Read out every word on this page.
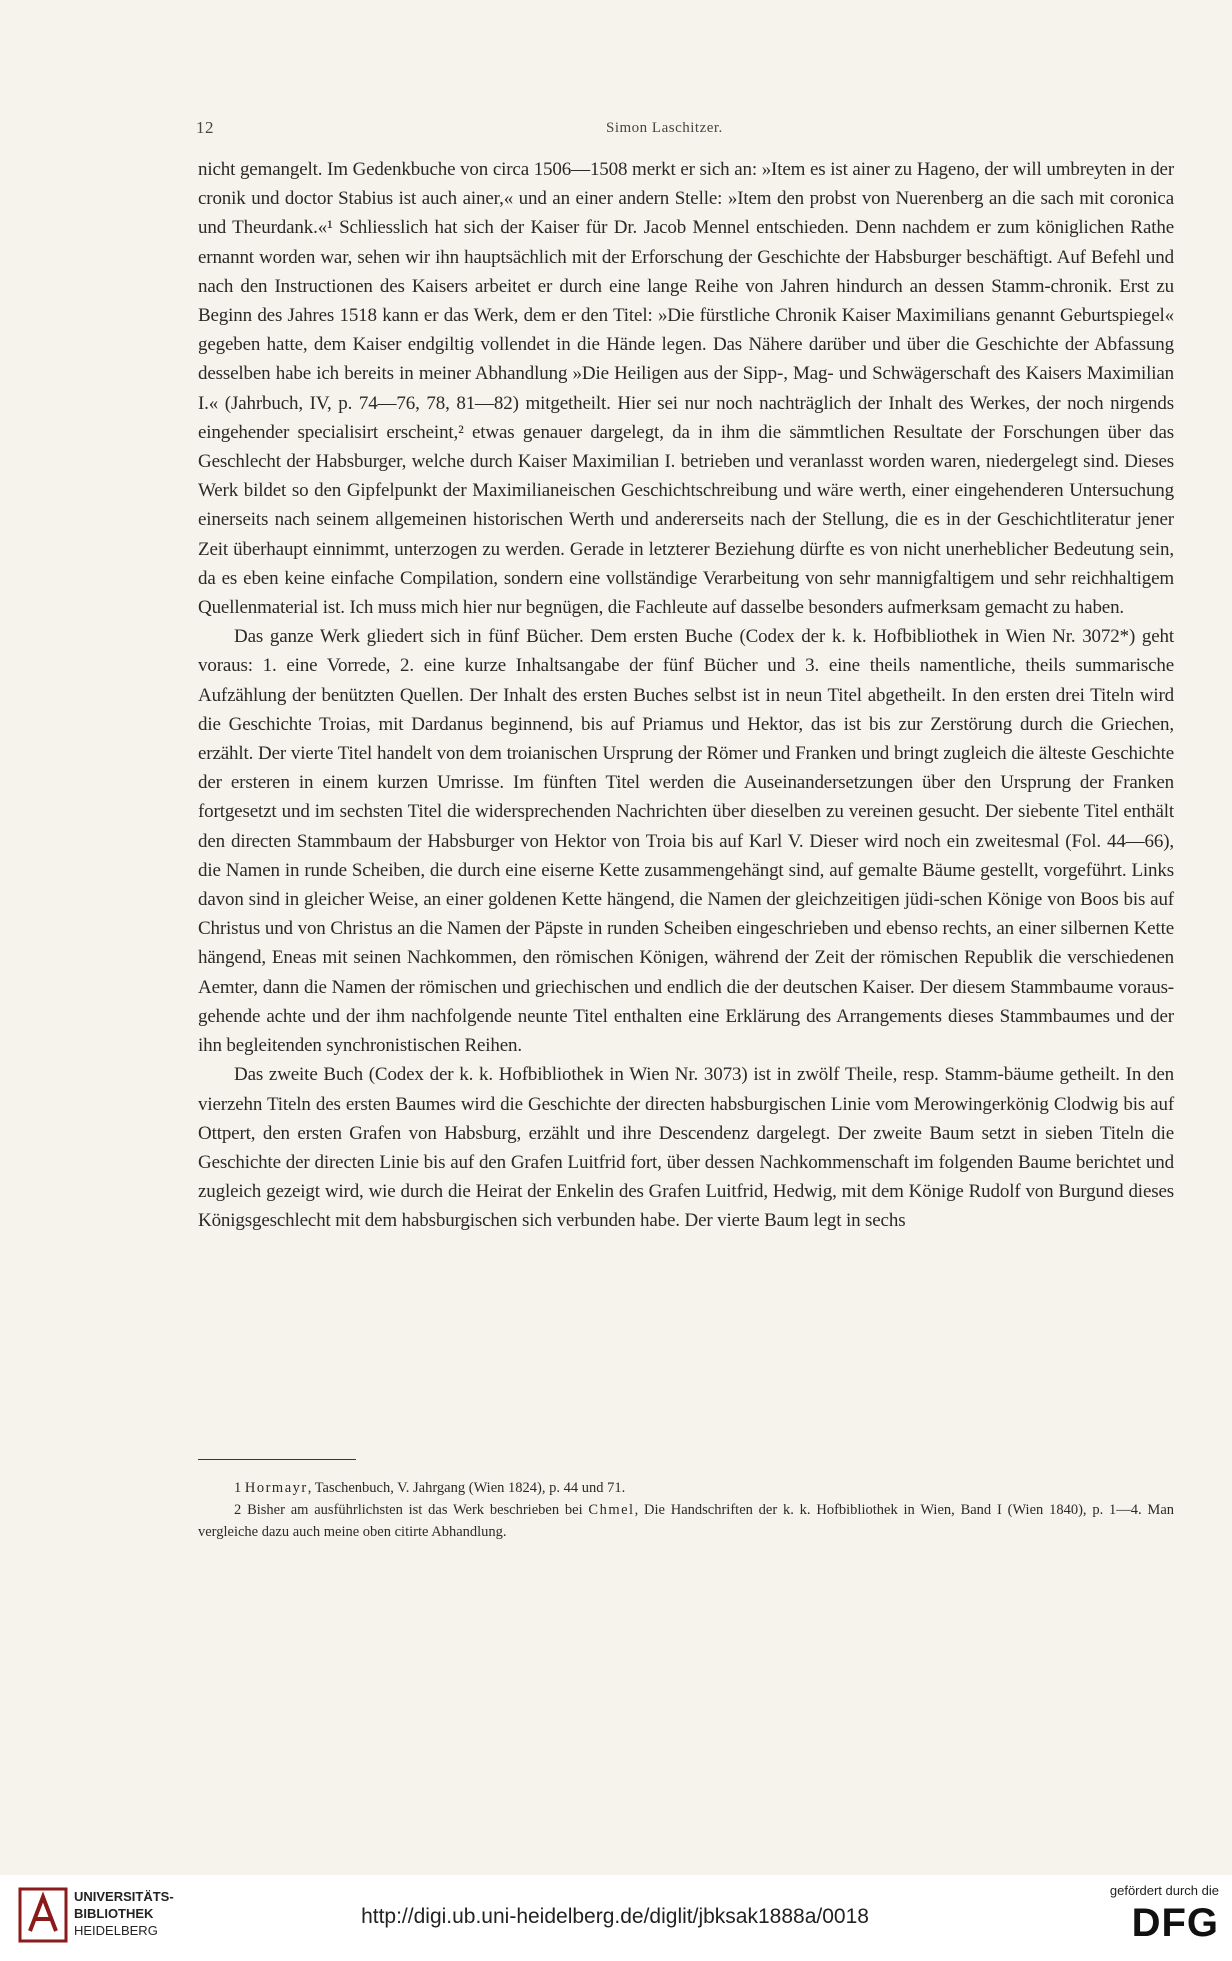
12	Simon Laschitzer.

nicht gemangelt. Im Gedenkbuche von circa 1506—1508 merkt er sich an: »Item es ist ainer zu Hageno, der will umbreyten in der cronik und doctor Stabius ist auch ainer,« und an einer andern Stelle: »Item den probst von Nuerenberg an die sach mit coronica und Theurdank.«¹ Schliesslich hat sich der Kaiser für Dr. Jacob Mennel entschieden. Denn nachdem er zum königlichen Rathe ernannt worden war, sehen wir ihn hauptsächlich mit der Erforschung der Geschichte der Habsburger beschäftigt. Auf Befehl und nach den Instructionen des Kaisers arbeitet er durch eine lange Reihe von Jahren hindurch an dessen Stamm-chronik. Erst zu Beginn des Jahres 1518 kann er das Werk, dem er den Titel: »Die fürstliche Chronik Kaiser Maximilians genannt Geburtspiegel« gegeben hatte, dem Kaiser endgiltig vollendet in die Hände legen. Das Nähere darüber und über die Geschichte der Abfassung desselben habe ich bereits in meiner Abhandlung »Die Heiligen aus der Sipp-, Mag- und Schwägerschaft des Kaisers Maximilian I.« (Jahrbuch, IV, p. 74—76, 78, 81—82) mitgetheilt. Hier sei nur noch nachträglich der Inhalt des Werkes, der noch nirgends eingehender specialisirt erscheint,² etwas genauer dargelegt, da in ihm die sämmtlichen Resultate der Forschungen über das Geschlecht der Habsburger, welche durch Kaiser Maximilian I. betrieben und veranlasst worden waren, niedergelegt sind. Dieses Werk bildet so den Gipfelpunkt der Maximilianeischen Geschichtschreibung und wäre werth, einer eingehenderen Untersuchung einerseits nach seinem allgemeinen historischen Werth und andererseits nach der Stellung, die es in der Geschichtliteratur jener Zeit überhaupt einnimmt, unterzogen zu werden. Gerade in letzterer Beziehung dürfte es von nicht unerheblicher Bedeutung sein, da es eben keine einfache Compilation, sondern eine vollständige Verarbeitung von sehr mannigfaltigem und sehr reichhaltigem Quellenmaterial ist. Ich muss mich hier nur begnügen, die Fachleute auf dasselbe besonders aufmerksam gemacht zu haben.

Das ganze Werk gliedert sich in fünf Bücher. Dem ersten Buche (Codex der k. k. Hofbibliothek in Wien Nr. 3072*) geht voraus: 1. eine Vorrede, 2. eine kurze Inhaltsangabe der fünf Bücher und 3. eine theils namentliche, theils summarische Aufzählung der benützten Quellen. Der Inhalt des ersten Buches selbst ist in neun Titel abgetheilt. In den ersten drei Titeln wird die Geschichte Troias, mit Dardanus beginnend, bis auf Priamus und Hektor, das ist bis zur Zerstörung durch die Griechen, erzählt. Der vierte Titel handelt von dem troianischen Ursprung der Römer und Franken und bringt zugleich die älteste Geschichte der ersteren in einem kurzen Umrisse. Im fünften Titel werden die Auseinandersetzungen über den Ursprung der Franken fortgesetzt und im sechsten Titel die widersprechenden Nachrichten über dieselben zu vereinen gesucht. Der siebente Titel enthält den directen Stammbaum der Habsburger von Hektor von Troia bis auf Karl V. Dieser wird noch ein zweitesmal (Fol. 44—66), die Namen in runde Scheiben, die durch eine eiserne Kette zusammengehängt sind, auf gemalte Bäume gestellt, vorgeführt. Links davon sind in gleicher Weise, an einer goldenen Kette hängend, die Namen der gleichzeitigen jüdi-schen Könige von Boos bis auf Christus und von Christus an die Namen der Päpste in runden Scheiben eingeschrieben und ebenso rechts, an einer silbernen Kette hängend, Eneas mit seinen Nachkommen, den römischen Königen, während der Zeit der römischen Republik die verschiedenen Aemter, dann die Namen der römischen und griechischen und endlich die der deutschen Kaiser. Der diesem Stammbaume voraus-gehende achte und der ihm nachfolgende neunte Titel enthalten eine Erklärung des Arrangements dieses Stammbaumes und der ihn begleitenden synchronistischen Reihen.

Das zweite Buch (Codex der k. k. Hofbibliothek in Wien Nr. 3073) ist in zwölf Theile, resp. Stamm-bäume getheilt. In den vierzehn Titeln des ersten Baumes wird die Geschichte der directen habsburgischen Linie vom Merowingerkönig Clodwig bis auf Ottpert, den ersten Grafen von Habsburg, erzählt und ihre Descendenz dargelegt. Der zweite Baum setzt in sieben Titeln die Geschichte der directen Linie bis auf den Grafen Luitfrid fort, über dessen Nachkommenschaft im folgenden Baume berichtet und zugleich gezeigt wird, wie durch die Heirat der Enkelin des Grafen Luitfrid, Hedwig, mit dem Könige Rudolf von Burgund dieses Königsgeschlecht mit dem habsburgischen sich verbunden habe. Der vierte Baum legt in sechs

1 Hormayr, Taschenbuch, V. Jahrgang (Wien 1824), p. 44 und 71.

2 Bisher am ausführlichsten ist das Werk beschrieben bei Chmel, Die Handschriften der k. k. Hofbibliothek in Wien, Band I (Wien 1840), p. 1—4. Man vergleiche dazu auch meine oben citirte Abhandlung.

UNIVERSITÄTS-
BIBLIOTHEK
HEIDELBERG
http://digi.ub.uni-heidelberg.de/diglit/jbksak1888a/0018
gefördert durch die
DFG
